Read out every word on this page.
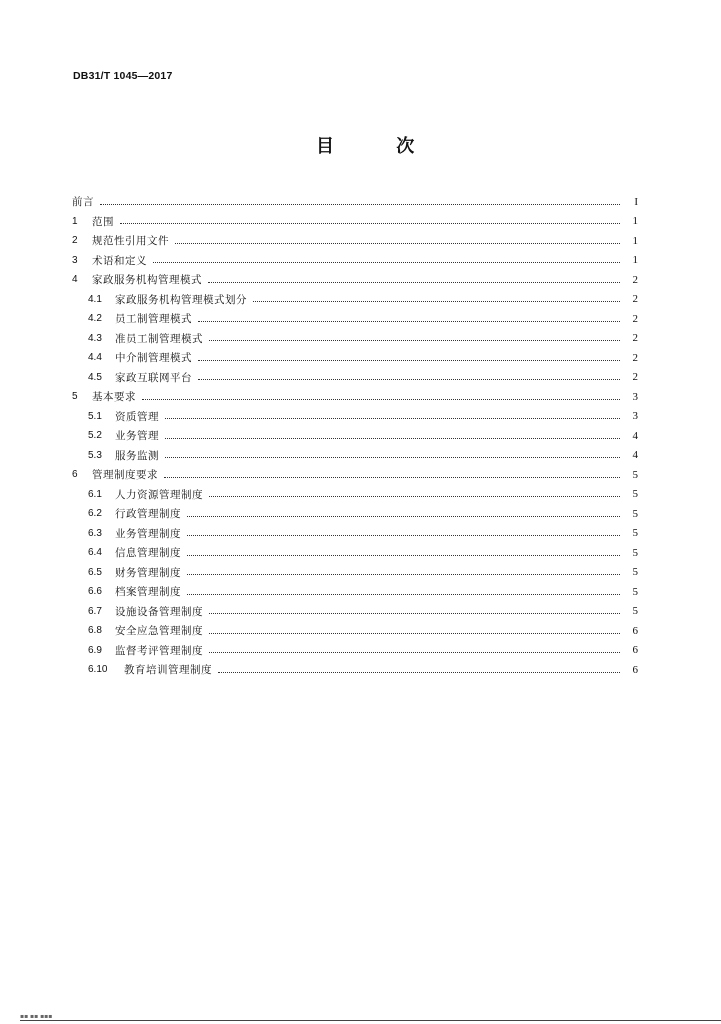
DB31/T 1045—2017
目 次
前言	I
1	范围	1
2	规范性引用文件	1
3	术语和定义	1
4	家政服务机构管理模式	2
4.1	家政服务机构管理模式划分	2
4.2	员工制管理模式	2
4.3	准员工制管理模式	2
4.4	中介制管理模式	2
4.5	家政互联网平台	2
5	基本要求	3
5.1	资质管理	3
5.2	业务管理	4
5.3	服务监测	4
6	管理制度要求	5
6.1	人力资源管理制度	5
6.2	行政管理制度	5
6.3	业务管理制度	5
6.4	信息管理制度	5
6.5	财务管理制度	5
6.6	档案管理制度	5
6.7	设施设备管理制度	5
6.8	安全应急管理制度	6
6.9	监督考评管理制度	6
6.10	教育培训管理制度	6
▪▪ ▪▪ ▪▪▪
